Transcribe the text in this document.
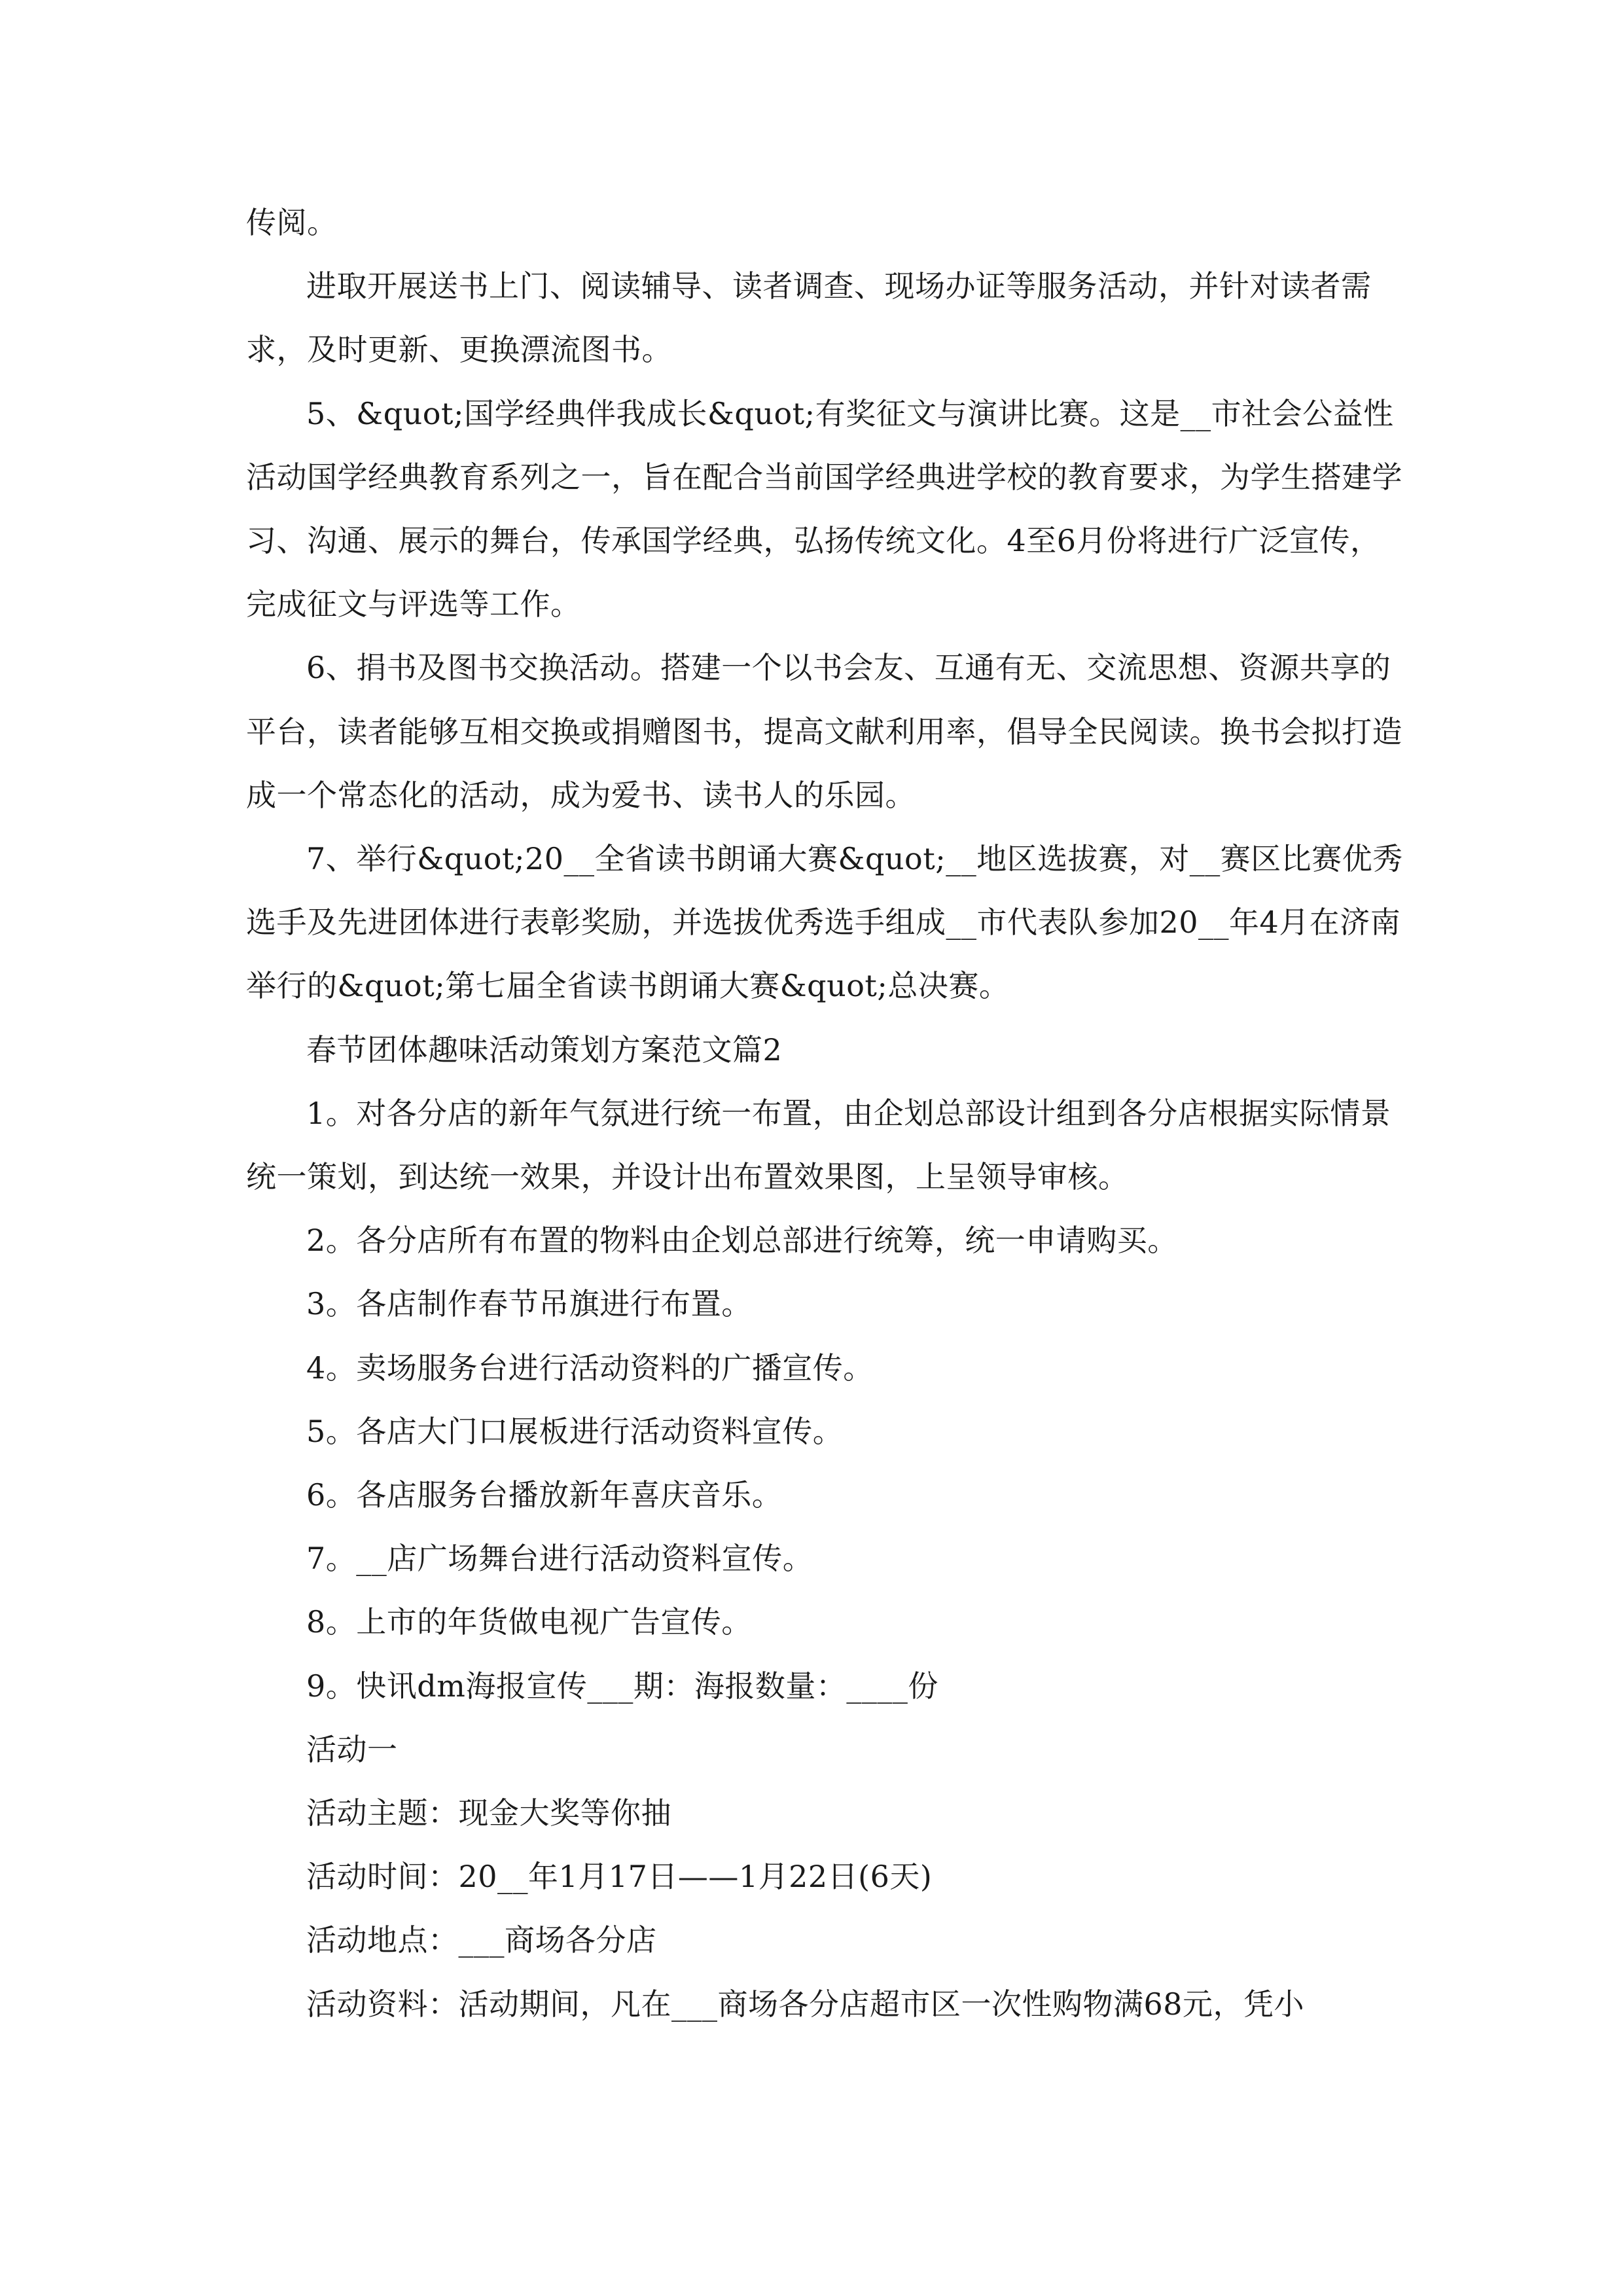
传阅。

进取开展送书上门、阅读辅导、读者调查、现场办证等服务活动，并针对读者需求，及时更新、更换漂流图书。

5、&quot;国学经典伴我成长&quot;有奖征文与演讲比赛。这是__市社会公益性活动国学经典教育系列之一，旨在配合当前国学经典进学校的教育要求，为学生搭建学习、沟通、展示的舞台，传承国学经典，弘扬传统文化。4至6月份将进行广泛宣传，完成征文与评选等工作。

6、捐书及图书交换活动。搭建一个以书会友、互通有无、交流思想、资源共享的平台，读者能够互相交换或捐赠图书，提高文献利用率，倡导全民阅读。换书会拟打造成一个常态化的活动，成为爱书、读书人的乐园。

7、举行&quot;20__全省读书朗诵大赛&quot;__地区选拔赛，对__赛区比赛优秀选手及先进团体进行表彰奖励，并选拔优秀选手组成__市代表队参加20__年4月在济南举行的&quot;第七届全省读书朗诵大赛&quot;总决赛。

春节团体趣味活动策划方案范文篇2

1。对各分店的新年气氛进行统一布置，由企划总部设计组到各分店根据实际情景统一策划，到达统一效果，并设计出布置效果图，上呈领导审核。

2。各分店所有布置的物料由企划总部进行统筹，统一申请购买。

3。各店制作春节吊旗进行布置。

4。卖场服务台进行活动资料的广播宣传。

5。各店大门口展板进行活动资料宣传。

6。各店服务台播放新年喜庆音乐。

7。__店广场舞台进行活动资料宣传。

8。上市的年货做电视广告宣传。

9。快讯dm海报宣传___期：海报数量：____份

活动一

活动主题：现金大奖等你抽

活动时间：20__年1月17日——1月22日(6天)

活动地点：___商场各分店

活动资料：活动期间，凡在___商场各分店超市区一次性购物满68元，凭小
